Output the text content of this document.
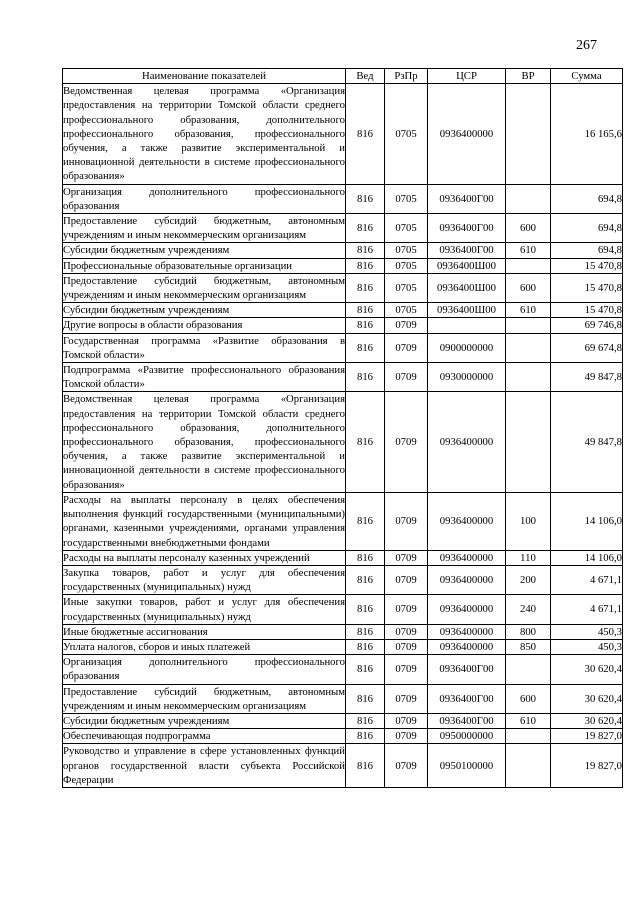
267
Наименование показателей	Вед	РзПр	ЦСР	ВР	Сумма
Ведомственная целевая программа «Организация предоставления на территории Томской области среднего профессионального образования, дополнительного профессионального образования, профессионального обучения, а также развитие экспериментальной и инновационной деятельности в системе профессионального образования»	816	0705	0936400000		16 165,6
Организация дополнительного профессионального образования	816	0705	0936400Г00		694,8
Предоставление субсидий бюджетным, автономным учреждениям и иным некоммерческим организациям	816	0705	0936400Г00	600	694,8
Субсидии бюджетным учреждениям	816	0705	0936400Г00	610	694,8
Профессиональные образовательные организации	816	0705	0936400Ш00		15 470,8
Предоставление субсидий бюджетным, автономным учреждениям и иным некоммерческим организациям	816	0705	0936400Ш00	600	15 470,8
Субсидии бюджетным учреждениям	816	0705	0936400Ш00	610	15 470,8
Другие вопросы в области образования	816	0709			69 746,8
Государственная программа «Развитие образования в Томской области»	816	0709	0900000000		69 674,8
Подпрограмма «Развитие профессионального образования Томской области»	816	0709	0930000000		49 847,8
Ведомственная целевая программа «Организация предоставления на территории Томской области среднего профессионального образования, дополнительного профессионального образования, профессионального обучения, а также развитие экспериментальной и инновационной деятельности в системе профессионального образования»	816	0709	0936400000		49 847,8
Расходы на выплаты персоналу в целях обеспечения выполнения функций государственными (муниципальными) органами, казенными учреждениями, органами управления государственными внебюджетными фондами	816	0709	0936400000	100	14 106,0
Расходы на выплаты персоналу казенных учреждений	816	0709	0936400000	110	14 106,0
Закупка товаров, работ и услуг для обеспечения государственных (муниципальных) нужд	816	0709	0936400000	200	4 671,1
Иные закупки товаров, работ и услуг для обеспечения государственных (муниципальных) нужд	816	0709	0936400000	240	4 671,1
Иные бюджетные ассигнования	816	0709	0936400000	800	450,3
Уплата налогов, сборов и иных платежей	816	0709	0936400000	850	450,3
Организация дополнительного профессионального образования	816	0709	0936400Г00		30 620,4
Предоставление субсидий бюджетным, автономным учреждениям и иным некоммерческим организациям	816	0709	0936400Г00	600	30 620,4
Субсидии бюджетным учреждениям	816	0709	0936400Г00	610	30 620,4
Обеспечивающая подпрограмма	816	0709	0950000000		19 827,0
Руководство и управление в сфере установленных функций органов государственной власти субъекта Российской Федерации	816	0709	0950100000		19 827,0
